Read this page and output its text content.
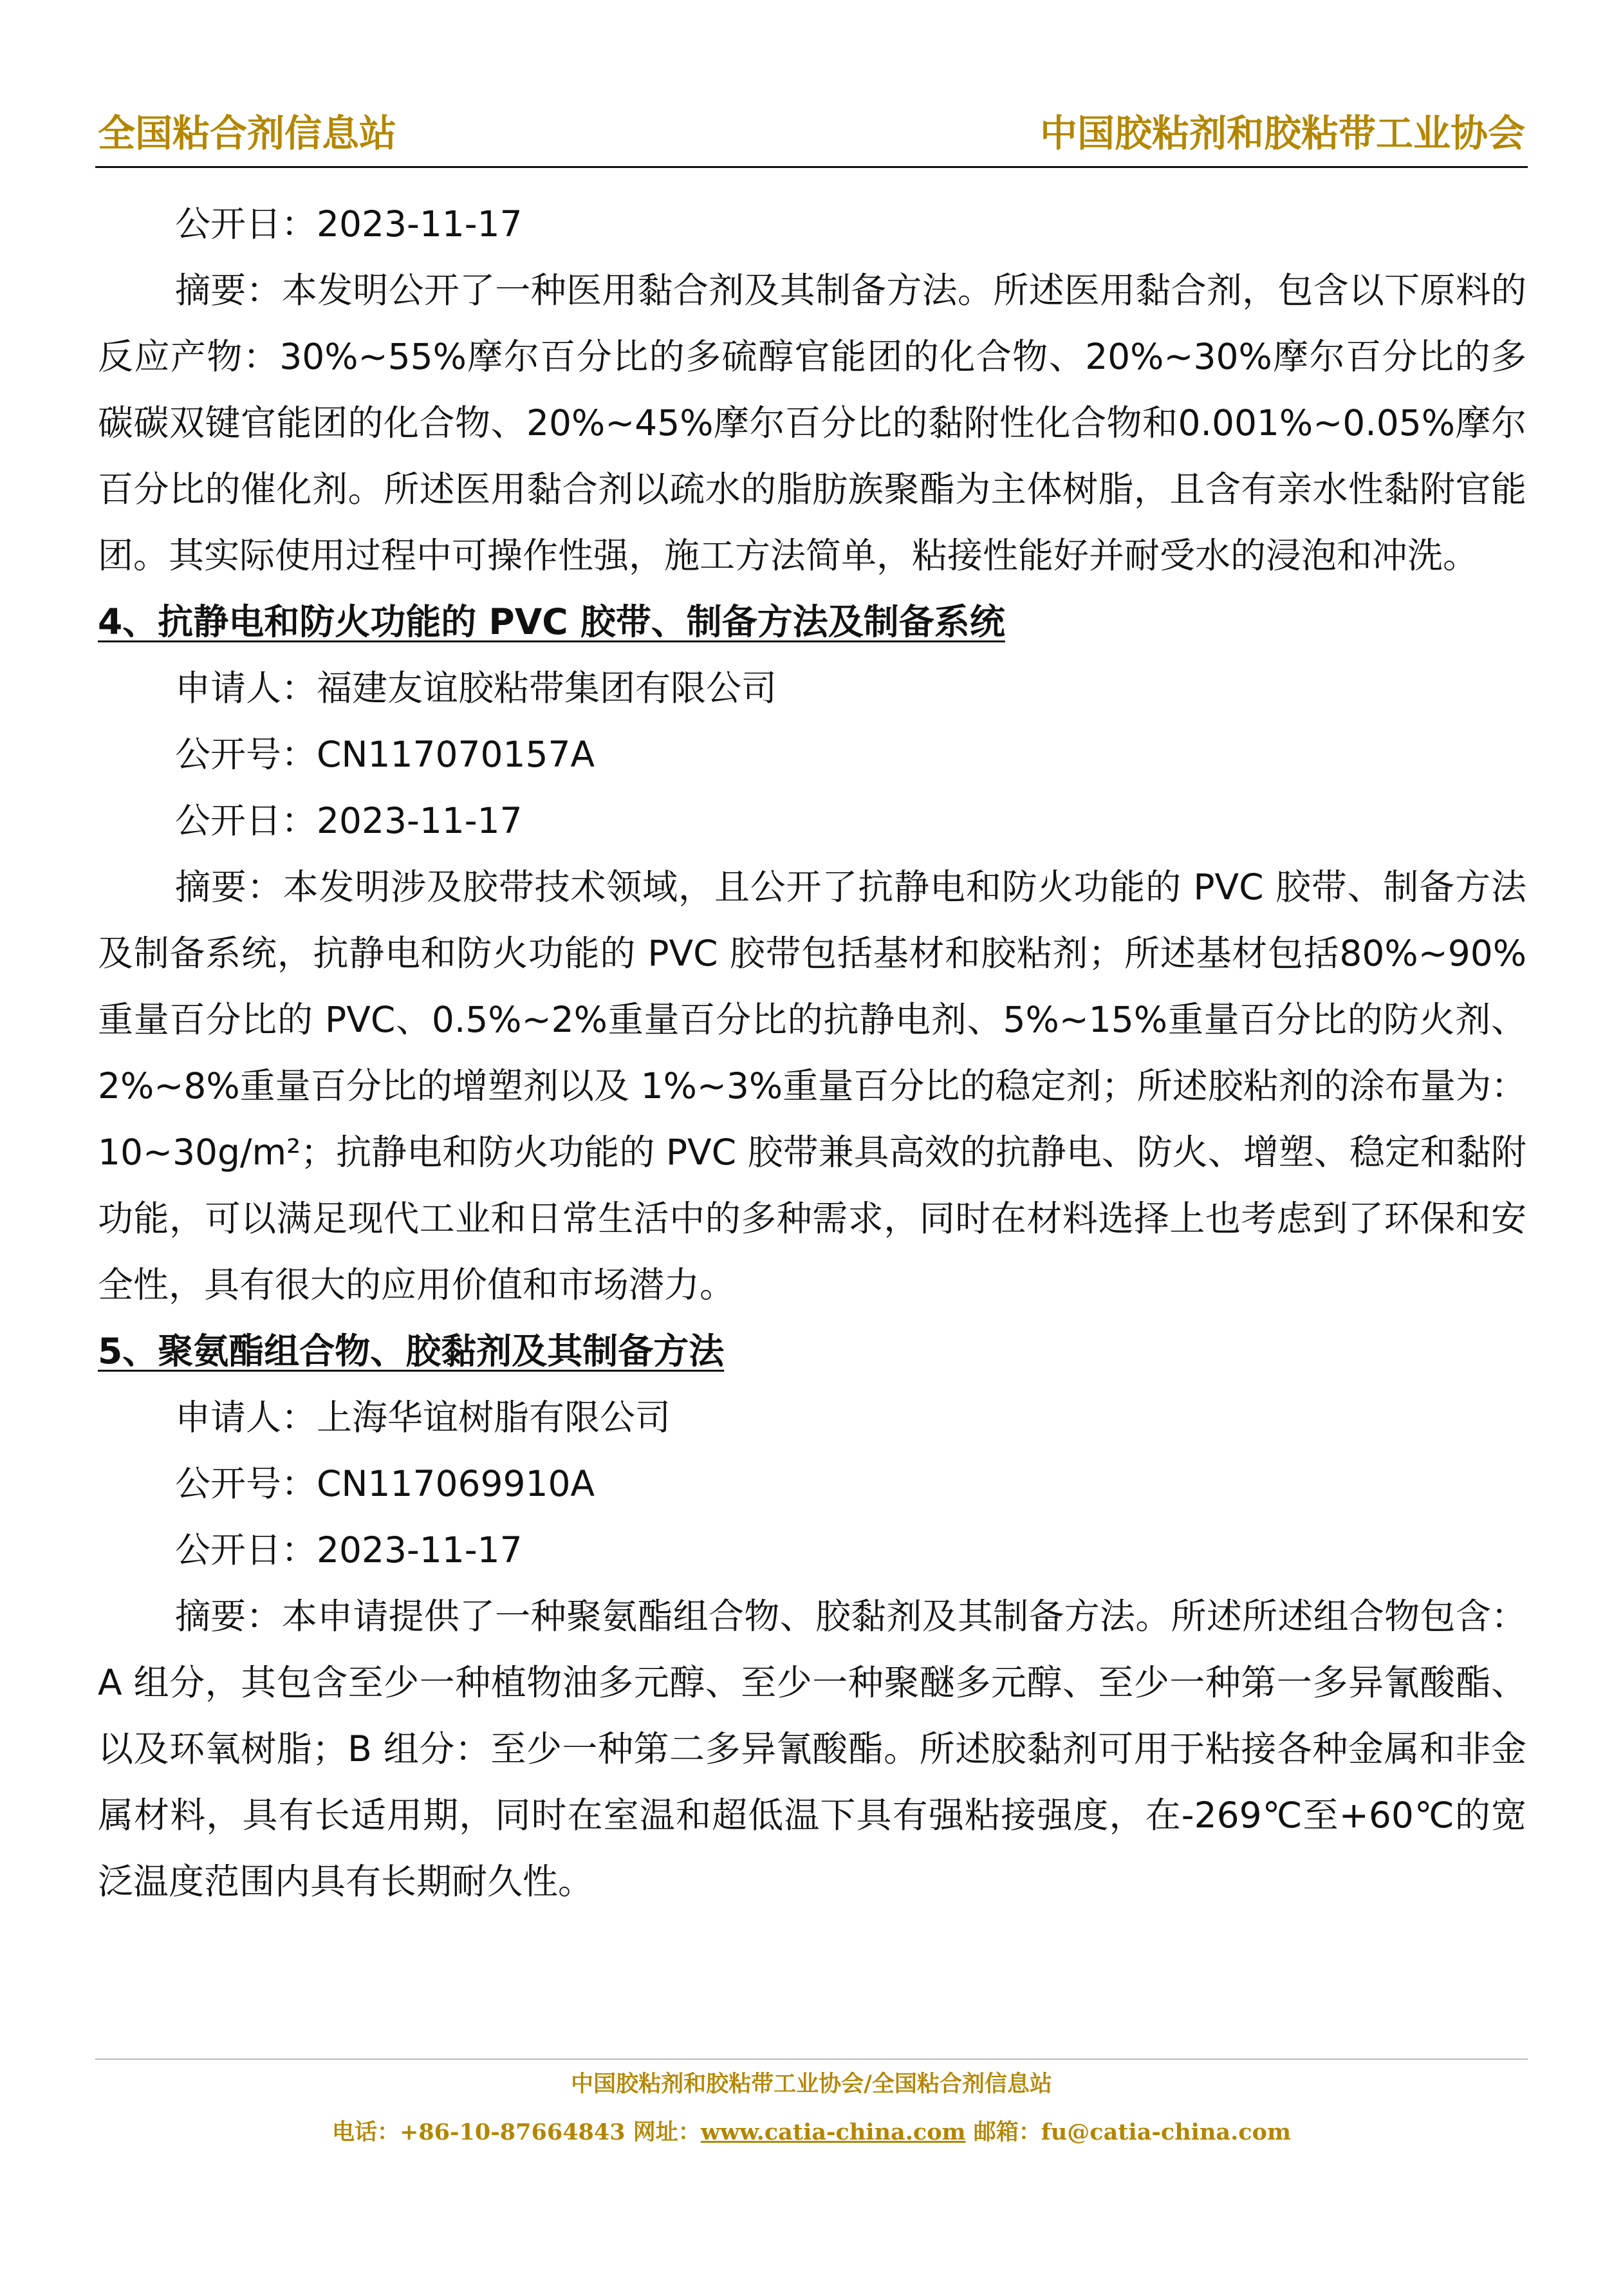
全国粘合剂信息站	中国胶粘剂和胶粘带工业协会
公开日：2023-11-17
摘要：本发明公开了一种医用黏合剂及其制备方法。所述医用黏合剂，包含以下原料的反应产物：30%~55%摩尔百分比的多硫醇官能团的化合物、20%~30%摩尔百分比的多碳碳双键官能团的化合物、20%~45%摩尔百分比的黏附性化合物和0.001%~0.05%摩尔百分比的催化剂。所述医用黏合剂以疏水的脂肪族聚酯为主体树脂，且含有亲水性黏附官能团。其实际使用过程中可操作性强，施工方法简单，粘接性能好并耐受水的浸泡和冲洗。
4、抗静电和防火功能的 PVC 胶带、制备方法及制备系统
申请人：福建友谊胶粘带集团有限公司
公开号：CN117070157A
公开日：2023-11-17
摘要：本发明涉及胶带技术领域，且公开了抗静电和防火功能的 PVC 胶带、制备方法及制备系统，抗静电和防火功能的 PVC 胶带包括基材和胶粘剂；所述基材包括80%~90%重量百分比的 PVC、0.5%~2%重量百分比的抗静电剂、5%~15%重量百分比的防火剂、2%~8%重量百分比的增塑剂以及 1%~3%重量百分比的稳定剂；所述胶粘剂的涂布量为：10~30g/m²；抗静电和防火功能的 PVC 胶带兼具高效的抗静电、防火、增塑、稳定和黏附功能，可以满足现代工业和日常生活中的多种需求，同时在材料选择上也考虑到了环保和安全性，具有很大的应用价值和市场潜力。
5、聚氨酯组合物、胶黏剂及其制备方法
申请人：上海华谊树脂有限公司
公开号：CN117069910A
公开日：2023-11-17
摘要：本申请提供了一种聚氨酯组合物、胶黏剂及其制备方法。所述所述组合物包含：A 组分，其包含至少一种植物油多元醇、至少一种聚醚多元醇、至少一种第一多异氰酸酯、以及环氧树脂；B 组分：至少一种第二多异氰酸酯。所述胶黏剂可用于粘接各种金属和非金属材料，具有长适用期，同时在室温和超低温下具有强粘接强度，在-269℃至+60℃的宽泛温度范围内具有长期耐久性。
中国胶粘剂和胶粘带工业协会/全国粘合剂信息站
电话：+86-10-87664843 网址：www.catia-china.com 邮箱：fu@catia-china.com
